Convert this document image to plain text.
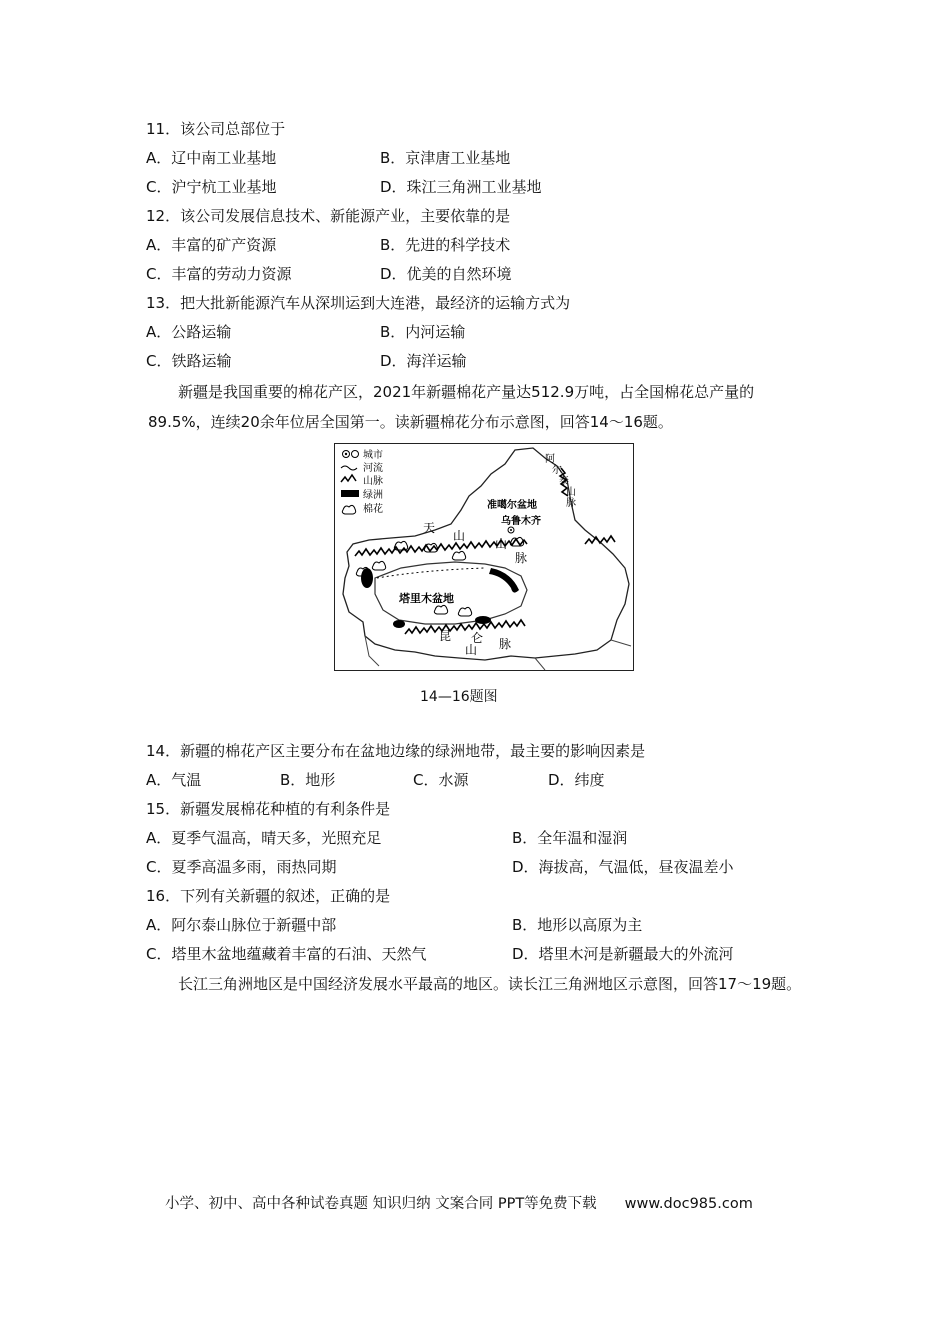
11．该公司总部位于
A．辽中南工业基地	B．京津唐工业基地
C．沪宁杭工业基地	D．珠江三角洲工业基地
12．该公司发展信息技术、新能源产业，主要依靠的是
A．丰富的矿产资源	B．先进的科学技术
C．丰富的劳动力资源	D．优美的自然环境
13．把大批新能源汽车从深圳运到大连港，最经济的运输方式为
A．公路运输	B．内河运输
C．铁路运输	D．海洋运输
新疆是我国重要的棉花产区，2021年新疆棉花产量达512.9万吨，占全国棉花总产量的89.5%，连续20余年位居全国第一。读新疆棉花分布示意图，回答14～16题。
城市
河流
山脉
绿洲
棉花
阿
尔
泰
山
脉
准噶尔盆地
乌鲁木齐
天
山
山
脉
塔里木盆地
昆 仑
山 脉
14—16题图
14．新疆的棉花产区主要分布在盆地边缘的绿洲地带，最主要的影响因素是
A．气温	B．地形	C．水源	D．纬度
15．新疆发展棉花种植的有利条件是
A．夏季气温高，晴天多，光照充足	B．全年温和湿润
C．夏季高温多雨，雨热同期	D．海拔高，气温低，昼夜温差小
16．下列有关新疆的叙述，正确的是
A．阿尔泰山脉位于新疆中部	B．地形以高原为主
C．塔里木盆地蕴藏着丰富的石油、天然气	D．塔里木河是新疆最大的外流河
长江三角洲地区是中国经济发展水平最高的地区。读长江三角洲地区示意图，回答17～19题。
小学、初中、高中各种试卷真题 知识归纳 文案合同 PPT等免费下载 www.doc985.com
